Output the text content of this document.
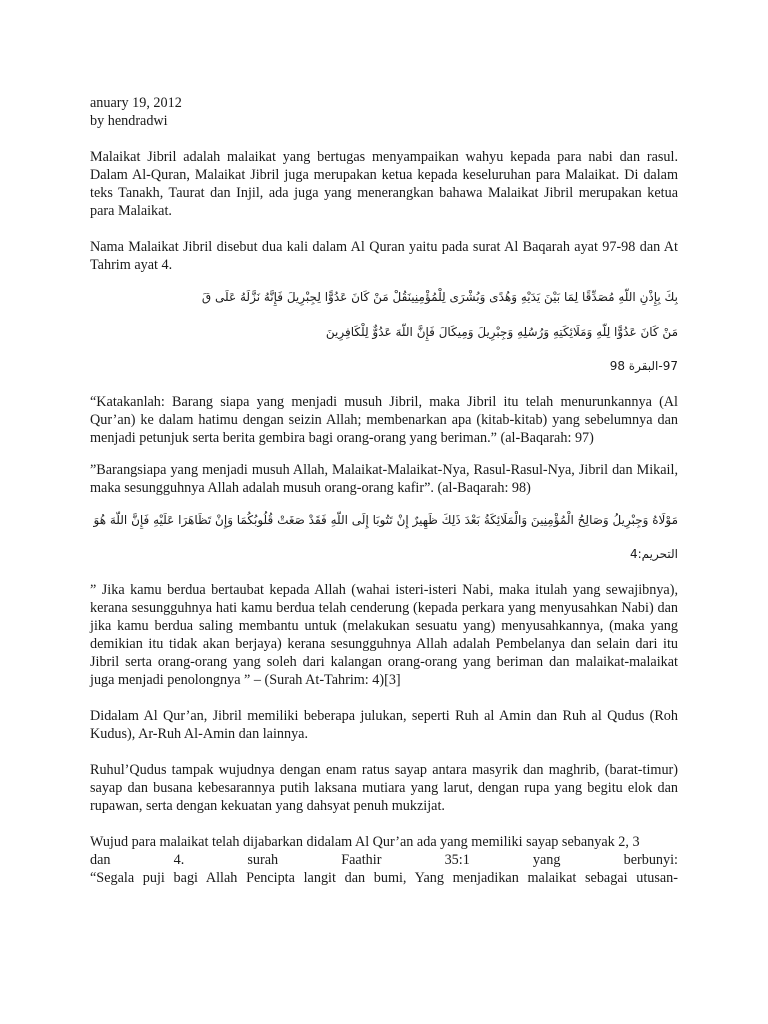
anuary 19, 2012

by hendradwi

Malaikat Jibril adalah malaikat yang bertugas menyampaikan wahyu kepada para nabi dan rasul. Dalam Al-Quran, Malaikat Jibril juga merupakan ketua kepada keseluruhan para Malaikat. Di dalam teks Tanakh, Taurat dan Injil, ada juga yang menerangkan bahawa Malaikat Jibril merupakan ketua para Malaikat.

Nama Malaikat Jibril disebut dua kali dalam Al Quran yaitu pada surat Al Baqarah ayat 97-98 dan At Tahrim ayat 4.

بِكَ بِإِذْنِ اللَّهِ مُصَدِّقًا لِمَا بَيْنَ يَدَيْهِ وَهُدًى وَبُشْرَى لِلْمُؤْمِنِينَقُلْ مَنْ كَانَ عَدُوًّا لِجِبْرِيلَ فَإِنَّهُ نَزَّلَهُ عَلَى قَ

مَنْ كَانَ عَدُوًّا لِلَّهِ وَمَلَائِكَتِهِ وَرُسُلِهِ وَجِبْرِيلَ وَمِيكَالَ فَإِنَّ اللَّهَ عَدُوٌّ لِلْكَافِرِينَ

97-البقرة 98

“Katakanlah: Barang siapa yang menjadi musuh Jibril, maka Jibril itu telah menurunkannya (Al Qur’an) ke dalam hatimu dengan seizin Allah; membenarkan apa (kitab-kitab) yang sebelumnya dan menjadi petunjuk serta berita gembira bagi orang-orang yang beriman.” (al-Baqarah: 97)

”Barangsiapa yang menjadi musuh Allah, Malaikat-Malaikat-Nya, Rasul-Rasul-Nya, Jibril dan Mikail, maka sesungguhnya Allah adalah musuh orang-orang kafir”. (al-Baqarah: 98)

مَوْلَاهُ وَجِبْرِيلُ وَصَالِحُ الْمُؤْمِنِينَ وَالْمَلَائِكَةُ بَعْدَ ذَلِكَ ظَهِيرٌ إِنْ تَتُوبَا إِلَى اللَّهِ فَقَدْ صَغَتْ قُلُوبُكُمَا وَإِنْ تَظَاهَرَا عَلَيْهِ فَإِنَّ اللَّهَ هُوَ

التحريم:4

” Jika kamu berdua bertaubat kepada Allah (wahai isteri-isteri Nabi, maka itulah yang sewajibnya), kerana sesungguhnya hati kamu berdua telah cenderung (kepada perkara yang menyusahkan Nabi) dan jika kamu berdua saling membantu untuk (melakukan sesuatu yang) menyusahkannya, (maka yang demikian itu tidak akan berjaya) kerana sesungguhnya Allah adalah Pembelanya dan selain dari itu Jibril serta orang-orang yang soleh dari kalangan orang-orang yang beriman dan malaikat-malaikat juga menjadi penolongnya ” – (Surah At-Tahrim: 4)[3]

Didalam Al Qur’an, Jibril memiliki beberapa julukan, seperti Ruh al Amin dan Ruh al Qudus (Roh Kudus), Ar-Ruh Al-Amin dan lainnya.

Ruhul’Qudus tampak wujudnya dengan enam ratus sayap antara masyrik dan maghrib, (barat-timur) sayap dan busana kebesarannya putih laksana mutiara yang larut, dengan rupa yang begitu elok dan rupawan, serta dengan kekuatan yang dahsyat penuh mukzijat.

Wujud para malaikat telah dijabarkan didalam Al Qur’an ada yang memiliki sayap sebanyak 2, 3
dan 4. surah Faathir 35:1 yang berbunyi:
“Segala puji bagi Allah Pencipta langit dan bumi, Yang menjadikan malaikat sebagai utusan-
